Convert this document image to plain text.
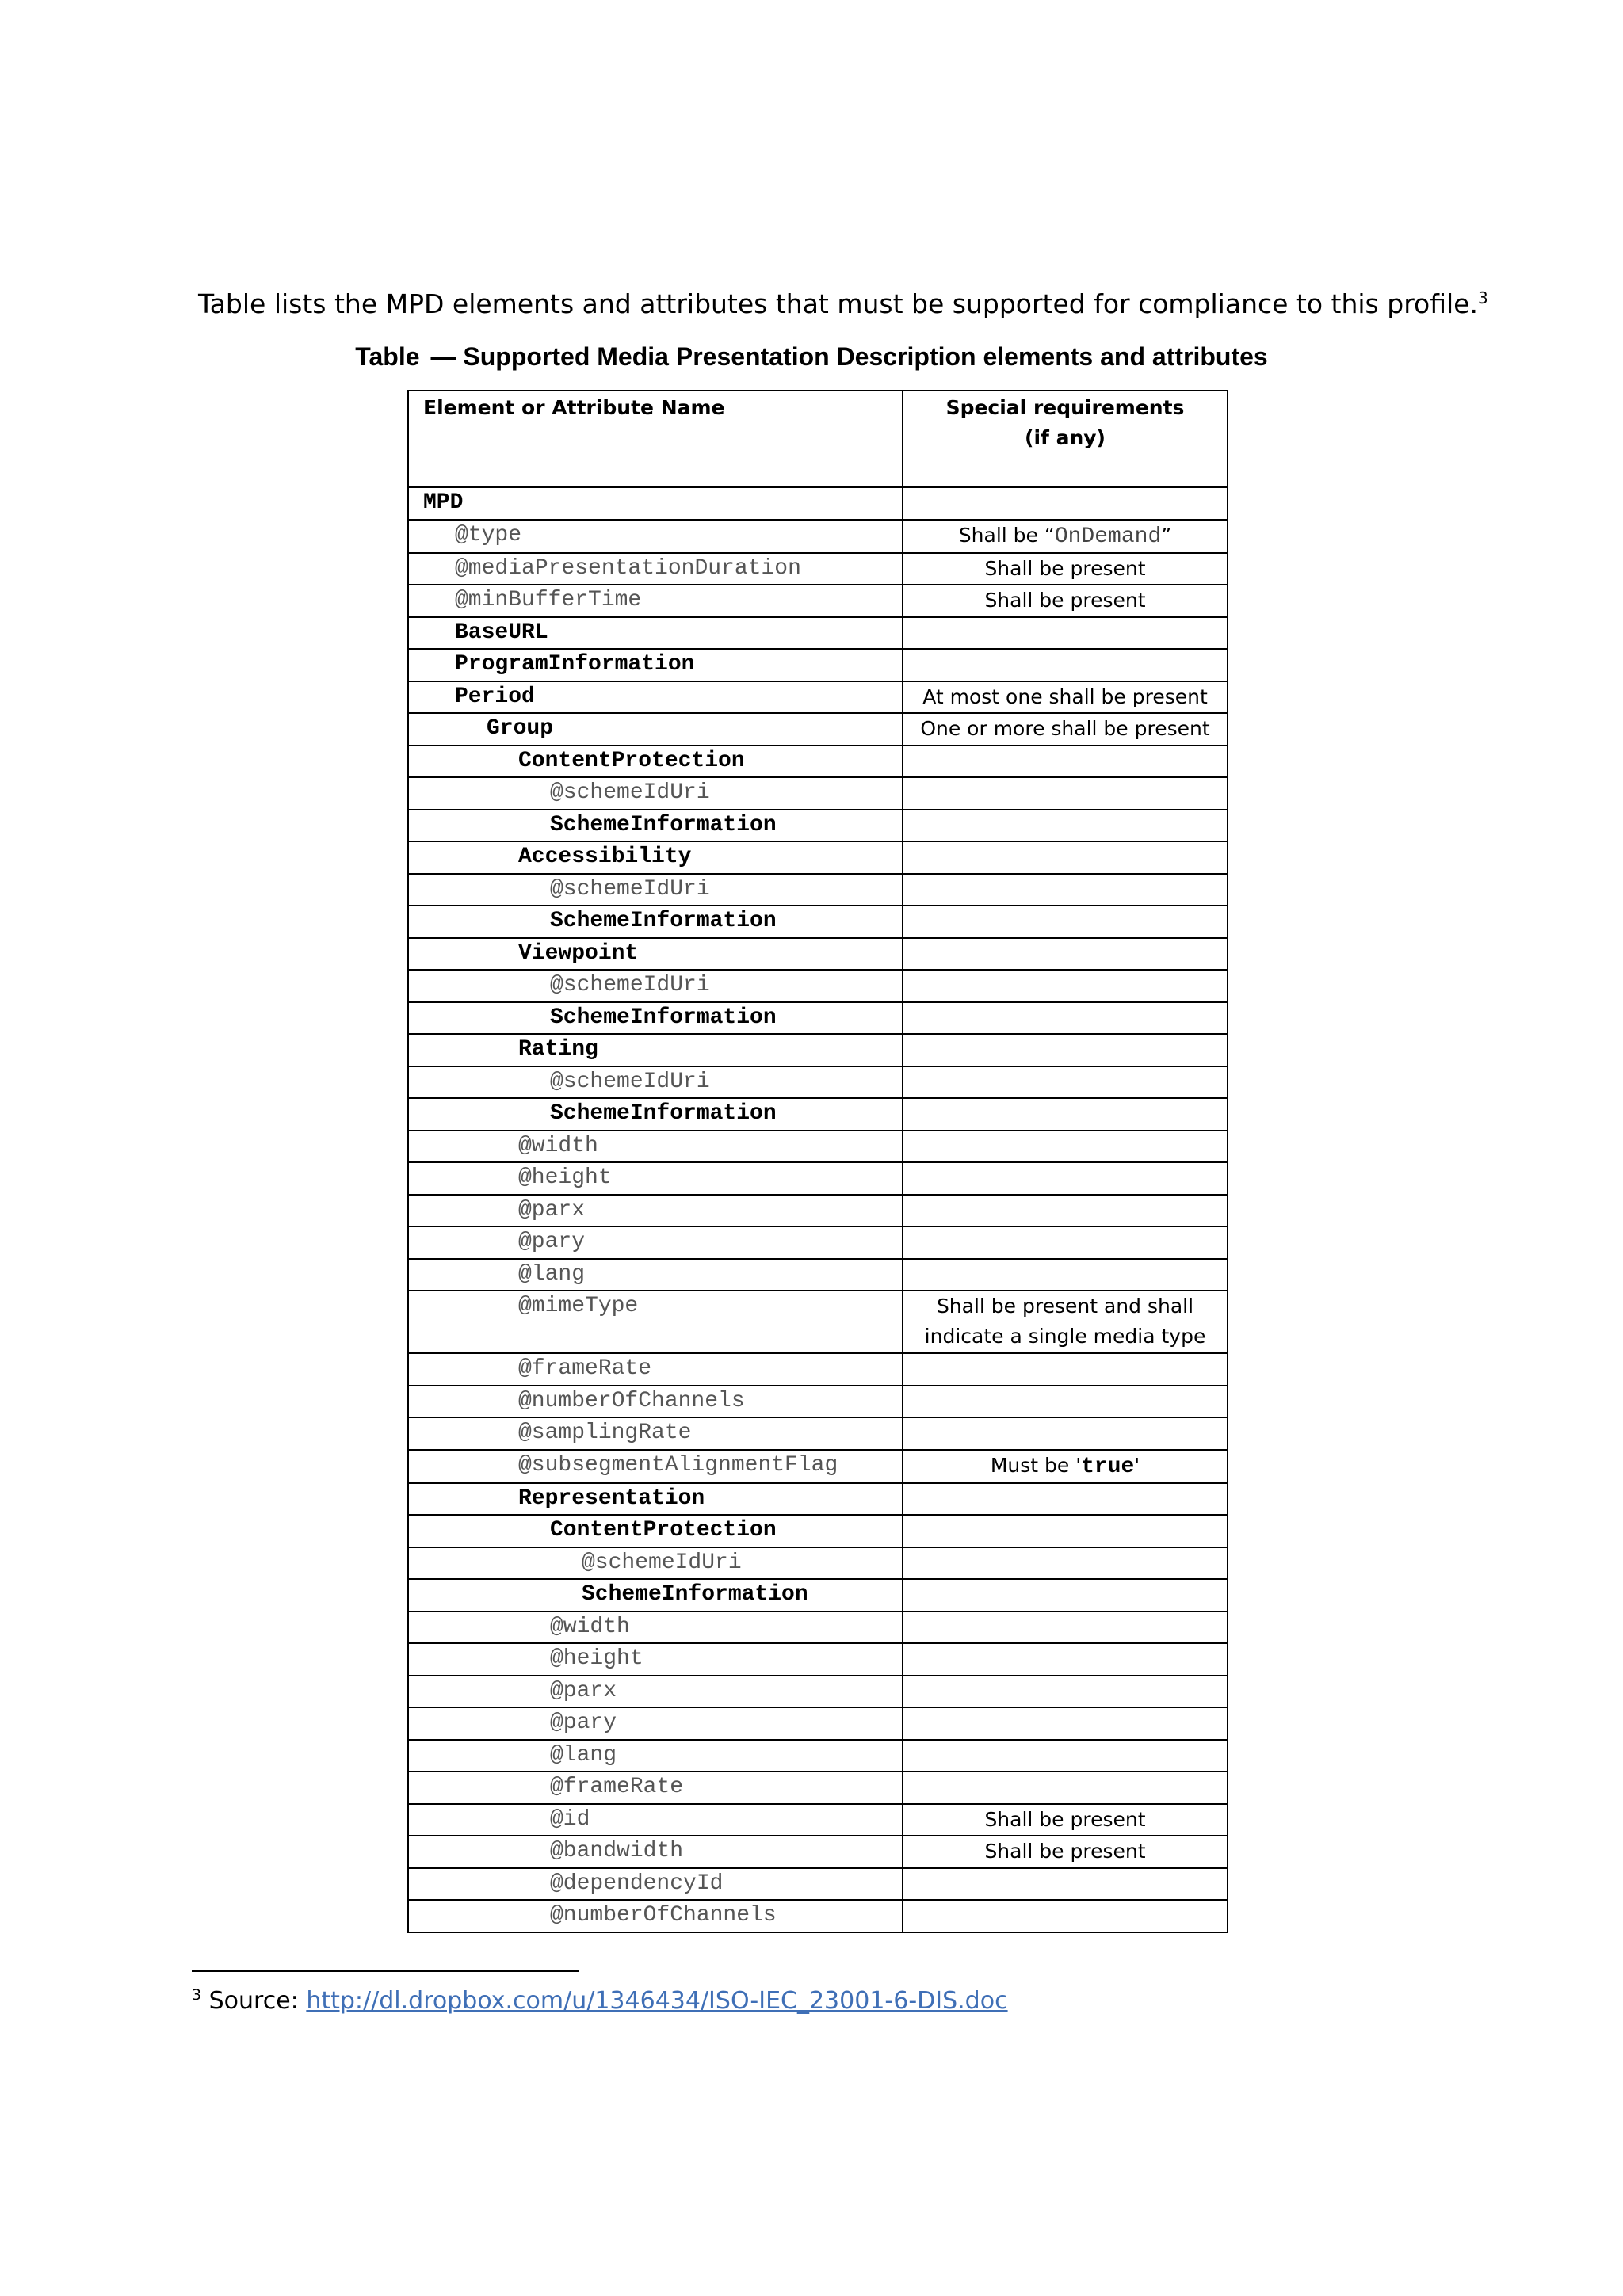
Table lists the MPD elements and attributes that must be supported for compliance to this profile.$^3$
Table — Supported Media Presentation Description elements and attributes
Element or Attribute Name	Special requirements
(if any)
MPD	
@type	Shall be “OnDemand”
@mediaPresentationDuration	Shall be present
@minBufferTime	Shall be present
BaseURL	
ProgramInformation	
Period	At most one shall be present
Group	One or more shall be present
ContentProtection	
@schemeIdUri	
SchemeInformation	
Accessibility	
@schemeIdUri	
SchemeInformation	
Viewpoint	
@schemeIdUri	
SchemeInformation	
Rating	
@schemeIdUri	
SchemeInformation	
@width	
@height	
@parx	
@pary	
@lang	
@mimeType	Shall be present and shall
indicate a single media type
@frameRate	
@numberOfChannels	
@samplingRate	
@subsegmentAlignmentFlag	Must be 'true'
Representation	
ContentProtection	
@schemeIdUri	
SchemeInformation	
@width	
@height	
@parx	
@pary	
@lang	
@frameRate	
@id	Shall be present
@bandwidth	Shall be present
@dependencyId	
@numberOfChannels	
$^3$ Source: http://dl.dropbox.com/u/1346434/ISO-IEC_23001-6-DIS.doc
